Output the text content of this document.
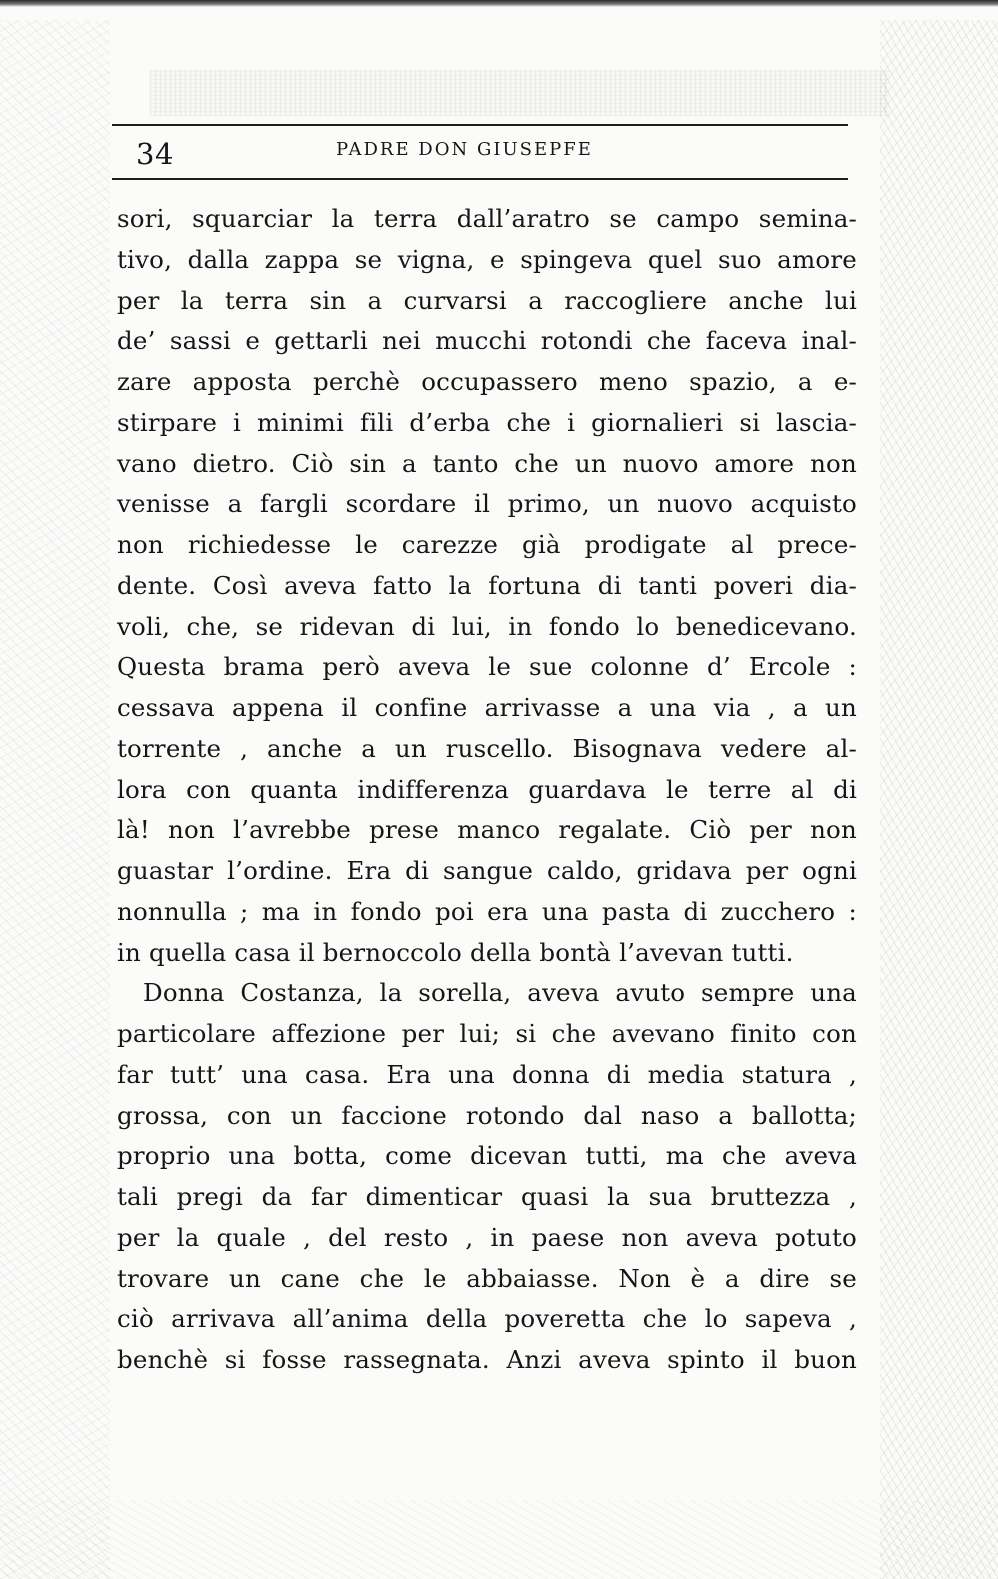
34	PADRE DON GIUSEPFE
sori, squarciar la terra dall’aratro se campo semina-
tivo, dalla zappa se vigna, e spingeva quel suo amore
per la terra sin a curvarsi a raccogliere anche lui
de’ sassi e gettarli nei mucchi rotondi che faceva inal-
zare apposta perchè occupassero meno spazio, a e-
stirpare i minimi fili d’erba che i giornalieri si lascia-
vano dietro. Ciò sin a tanto che un nuovo amore non
venisse a fargli scordare il primo, un nuovo acquisto
non richiedesse le carezze già prodigate al prece-
dente. Così aveva fatto la fortuna di tanti poveri dia-
voli, che, se ridevan di lui, in fondo lo benedicevano.
Questa brama però aveva le sue colonne d’ Ercole :
cessava appena il confine arrivasse a una via , a un
torrente , anche a un ruscello. Bisognava vedere al-
lora con quanta indifferenza guardava le terre al di
là! non l’avrebbe prese manco regalate. Ciò per non
guastar l’ordine. Era di sangue caldo, gridava per ogni
nonnulla ; ma in fondo poi era una pasta di zucchero :
in quella casa il bernoccolo della bontà l’avevan tutti.
Donna Costanza, la sorella, aveva avuto sempre una
particolare affezione per lui; si che avevano finito con
far tutt’ una casa. Era una donna di media statura ,
grossa, con un faccione rotondo dal naso a ballotta;
proprio una botta, come dicevan tutti, ma che aveva
tali pregi da far dimenticar quasi la sua bruttezza ,
per la quale , del resto , in paese non aveva potuto
trovare un cane che le abbaiasse. Non è a dire se
ciò arrivava all’anima della poveretta che lo sapeva ,
benchè si fosse rassegnata. Anzi aveva spinto il buon
